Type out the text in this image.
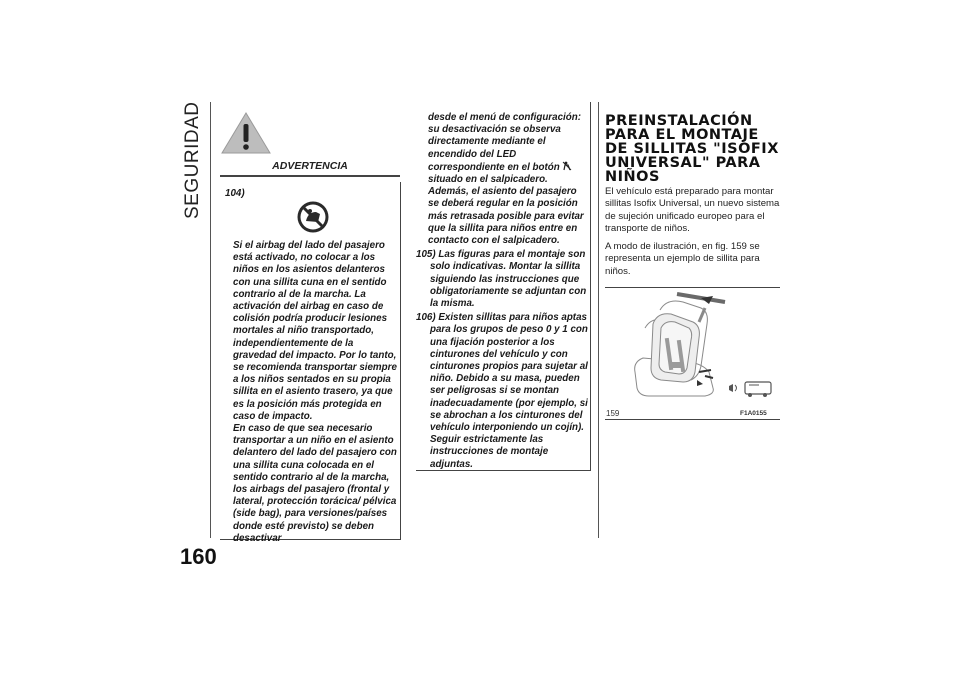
SEGURIDAD
160
ADVERTENCIA
104)

Si el airbag del lado del pasajero está activado, no colocar a los niños en los asientos delanteros con una sillita cuna en el sentido contrario al de la marcha. La activación del airbag en caso de colisión podría producir lesiones mortales al niño transportado, independientemente de la gravedad del impacto. Por lo tanto, se recomienda transportar siempre a los niños sentados en su propia sillita en el asiento trasero, ya que es la posición más protegida en caso de impacto.

En caso de que sea necesario transportar a un niño en el asiento delantero del lado del pasajero con una sillita cuna colocada en el sentido contrario al de la marcha, los airbags del pasajero (frontal y lateral, protección torácica/ pélvica (side bag), para versiones/países donde esté previsto) se deben desactivar

desde el menú de configuración: su desactivación se observa directamente mediante el encendido del LED correspondiente en el botón  situado en el salpicadero. Además, el asiento del pasajero se deberá regular en la posición más retrasada posible para evitar que la sillita para niños entre en contacto con el salpicadero.

105) Las figuras para el montaje son solo indicativas. Montar la sillita siguiendo las instrucciones que obligatoriamente se adjuntan con la misma.

106) Existen sillitas para niños aptas para los grupos de peso 0 y 1 con una fijación posterior a los cinturones del vehículo y con cinturones propios para sujetar al niño. Debido a su masa, pueden ser peligrosas si se montan inadecuadamente (por ejemplo, si se abrochan a los cinturones del vehículo interponiendo un cojín). Seguir estrictamente las instrucciones de montaje adjuntas.

PREINSTALACIÓN PARA EL MONTAJE DE SILLITAS "ISOFIX UNIVERSAL" PARA NIÑOS

El vehículo está preparado para montar sillitas Isofix Universal, un nuevo sistema de sujeción unificado europeo para el transporte de niños.

A modo de ilustración, en fig. 159 se representa un ejemplo de sillita para niños.

159	F1A0155
